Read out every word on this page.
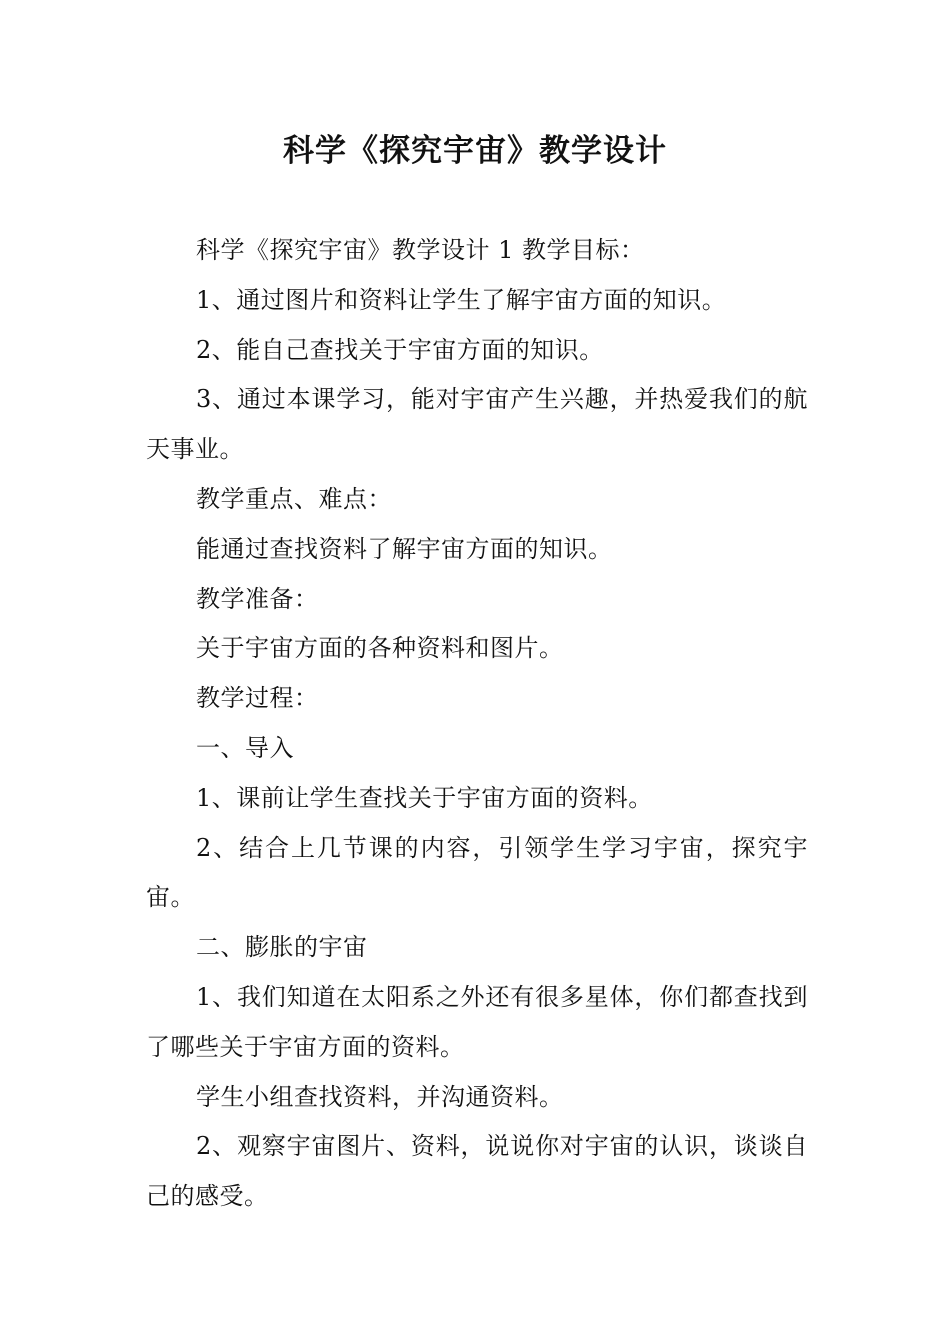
科学《探究宇宙》教学设计

科学《探究宇宙》教学设计 1 教学目标：

1、通过图片和资料让学生了解宇宙方面的知识。

2、能自己查找关于宇宙方面的知识。

3、通过本课学习，能对宇宙产生兴趣，并热爱我们的航天事业。

教学重点、难点：

能通过查找资料了解宇宙方面的知识。

教学准备：

关于宇宙方面的各种资料和图片。

教学过程：

一、导入

1、课前让学生查找关于宇宙方面的资料。

2、结合上几节课的内容，引领学生学习宇宙，探究宇宙。

二、膨胀的宇宙

1、我们知道在太阳系之外还有很多星体，你们都查找到了哪些关于宇宙方面的资料。

学生小组查找资料，并沟通资料。

2、观察宇宙图片、资料，说说你对宇宙的认识，谈谈自己的感受。
